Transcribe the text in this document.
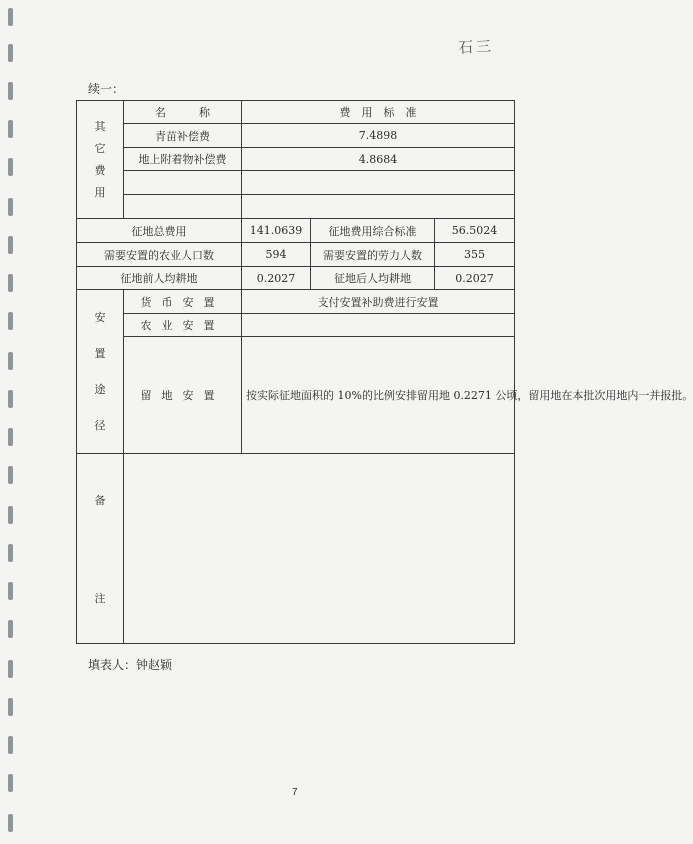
石三
续一：
其
它
费
用	名　　　称	费　用　标　准		
	青苗补偿费	7.4898		
	地上附着物补偿费	4.8684		

征地总费用		141.0639	征地费用综合标准	56.5024
需要安置的农业人口数		594	需要安置的劳力人数	355
征地前人均耕地		0.2027	征地后人均耕地	0.2027

安
置
途
径	货币安置	支付安置补助费进行安置		
	农业安置			
	留地安置	按实际征地面积的 10%的比例安排留用地 0.2271 公顷，留用地在本批次用地内一并报批。		

备
注				

填表人：钟赵颖
7
